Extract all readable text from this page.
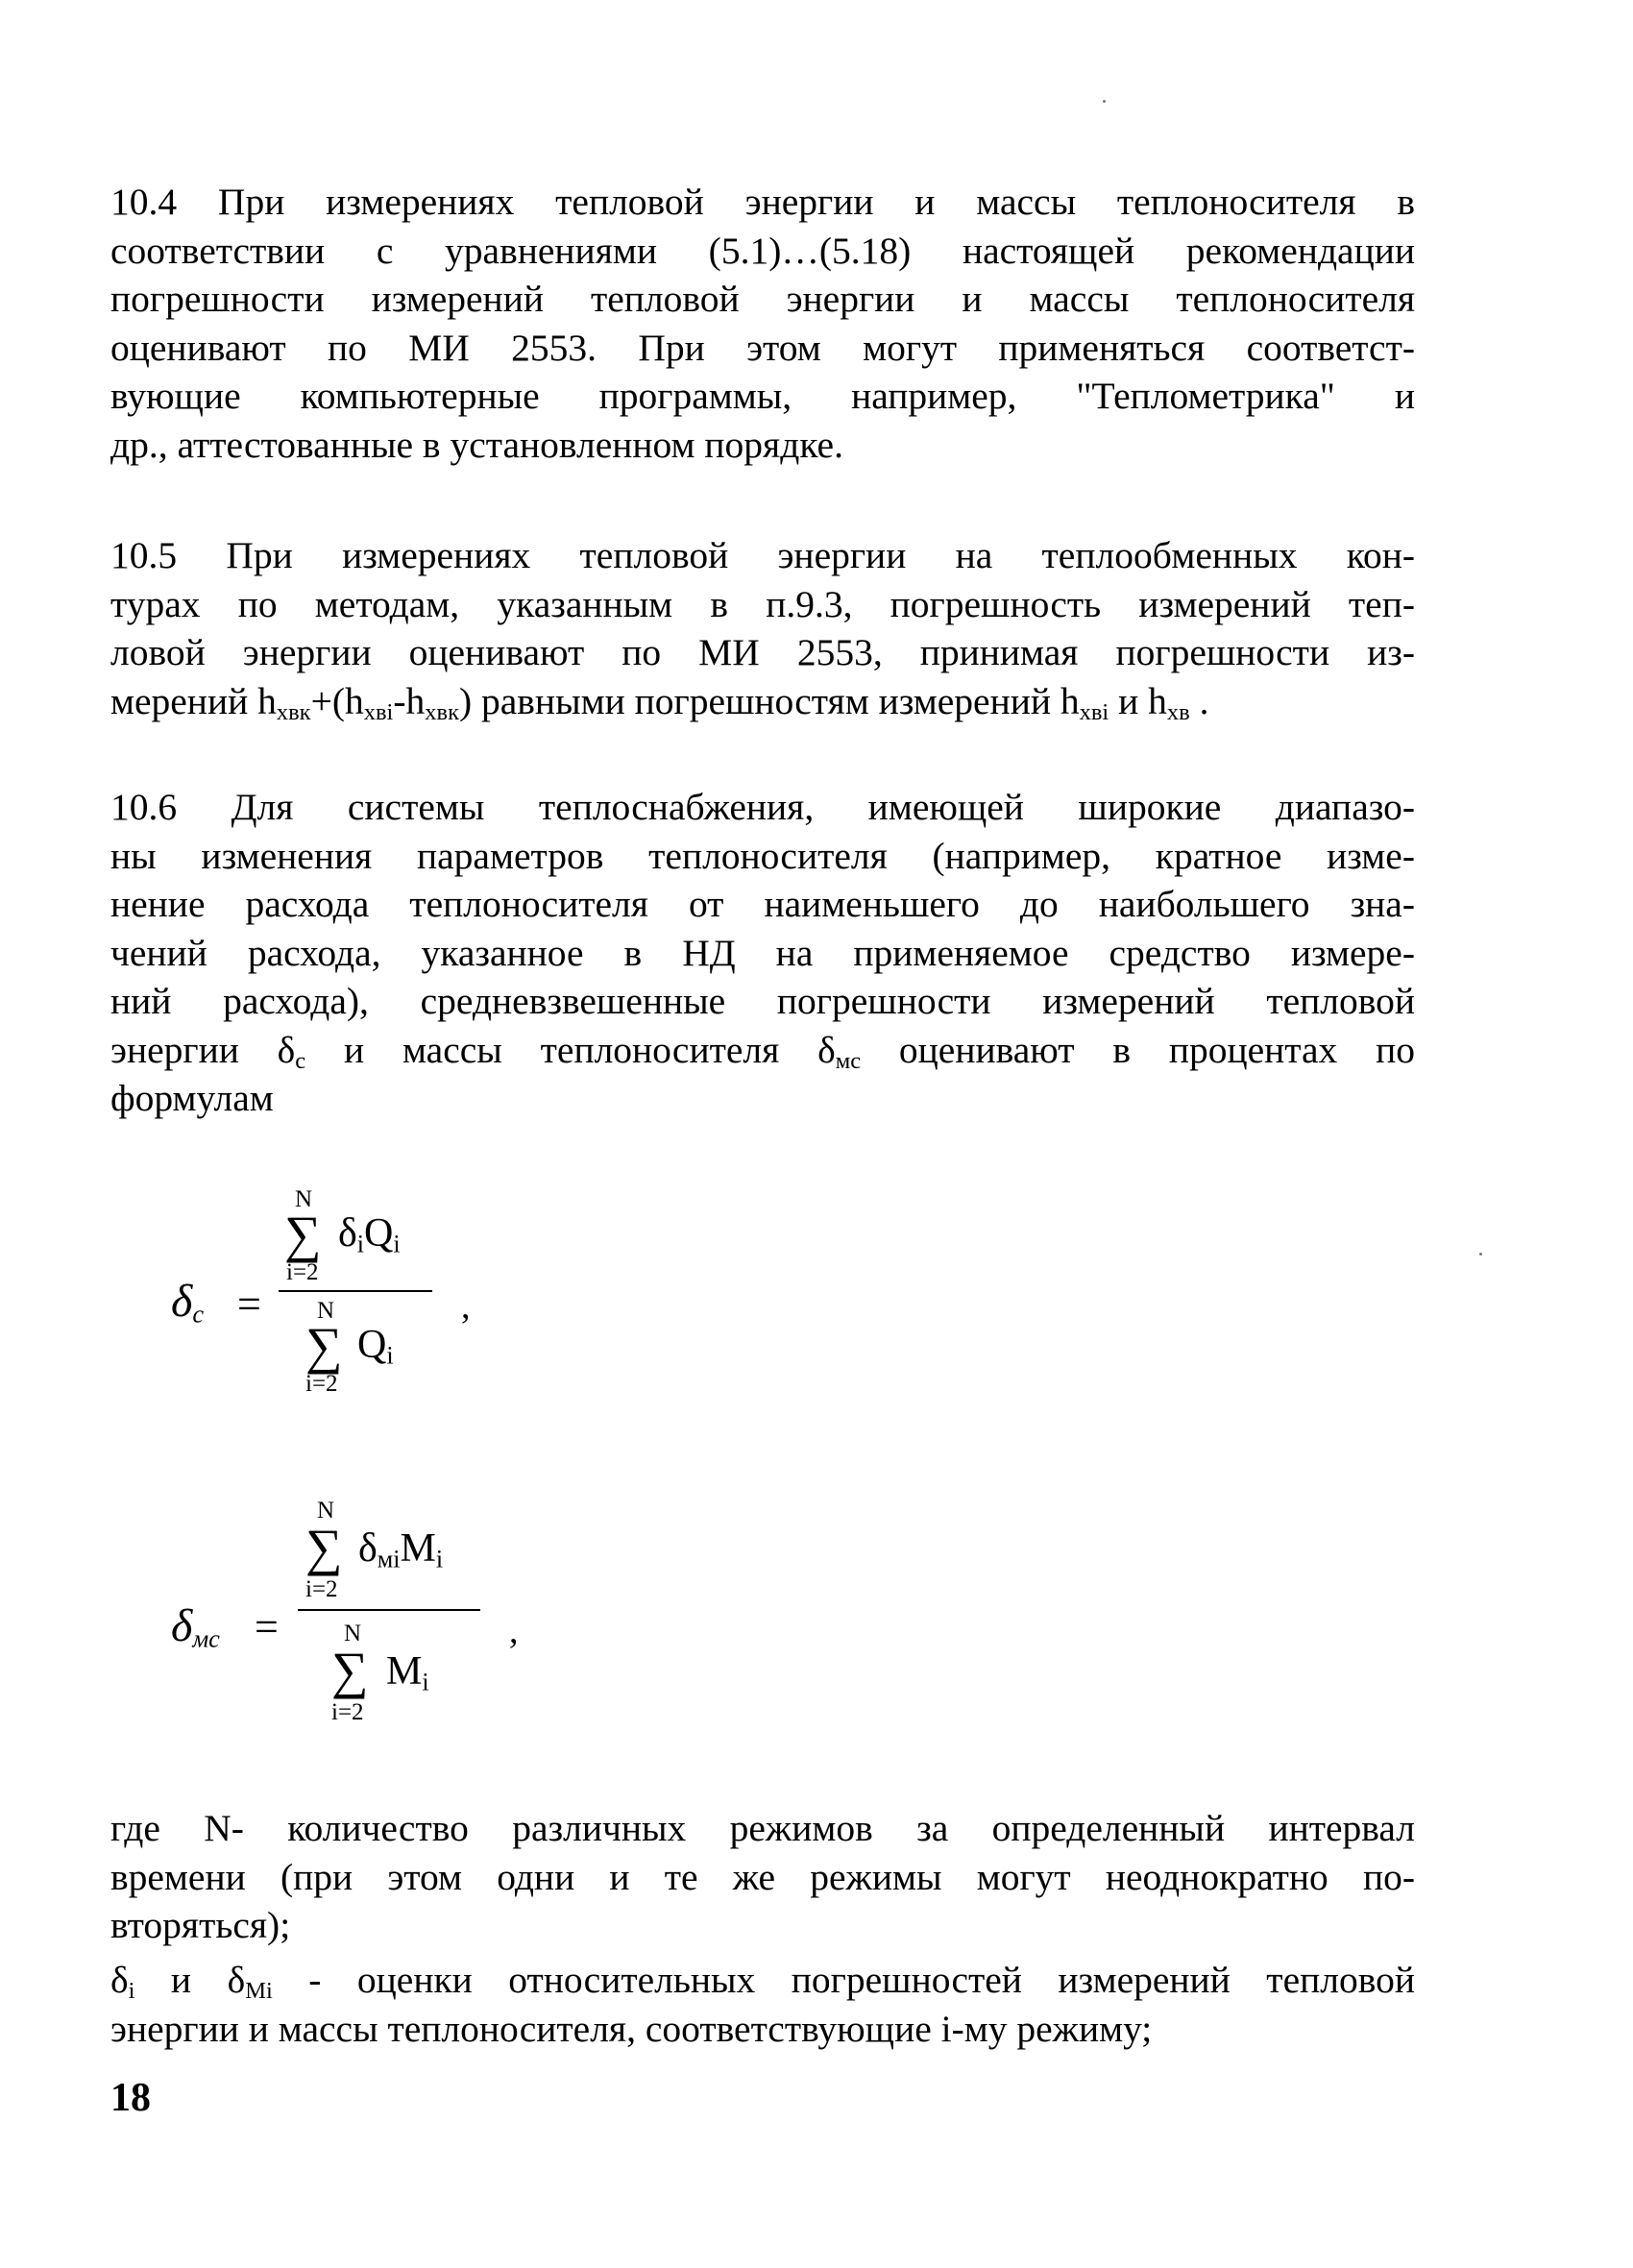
10.4 При измерениях тепловой энергии и массы теплоносителя в
соответствии с уравнениями (5.1)…(5.18) настоящей рекомендации
погрешности измерений тепловой энергии и массы теплоносителя
оценивают по МИ 2553. При этом могут применяться соответст-
вующие компьютерные программы, например, "Теплометрика" и
др., аттестованные в установленном порядке.
10.5 При измерениях тепловой энергии на теплообменных кон-
турах по методам, указанным в п.9.3, погрешность измерений теп-
ловой энергии оценивают по МИ 2553, принимая погрешности из-
мерений $h_{хвк}+(h_{хвi}-h_{хвк})$ равными погрешностям измерений $h_{хвi}$ и $h_{хв}$ .
10.6 Для системы теплоснабжения, имеющей широкие диапазо-
ны изменения параметров теплоносителя (например, кратное изме-
нение расхода теплоносителя от наименьшего до наибольшего зна-
чений расхода, указанное в НД на применяемое средство измере-
ний расхода), средневзвешенные погрешности измерений тепловой
энергии $\delta_c$ и массы теплоносителя $\delta_{мс}$ оценивают в процентах по
формулам
$\delta_c$ =
N
∑ $\delta_iQ_i$
i=2
N
∑ $Q_i$
i=2
,
$\delta_{мс}$ =
N
∑ $\delta_{мi}M_i$
i=2
N
∑ $M_i$
i=2
,
где N- количество различных режимов за определенный интервал
времени (при этом одни и те же режимы могут неоднократно по-
вторяться);
$\delta_i$ и $\delta_{Mi}$ - оценки относительных погрешностей измерений тепловой
энергии и массы теплоносителя, соответствующие i-му режиму;
18
